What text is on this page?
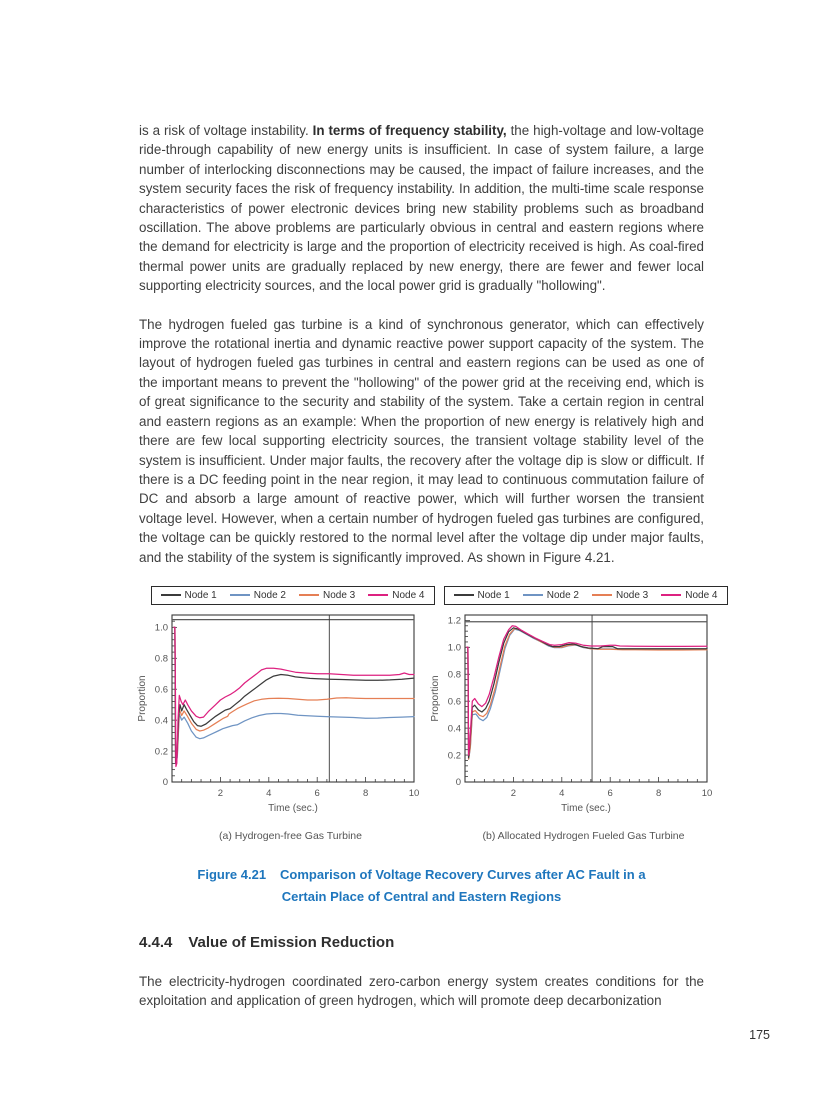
is a risk of voltage instability. In terms of frequency stability, the high-voltage and low-voltage ride-through capability of new energy units is insufficient. In case of system failure, a large number of interlocking disconnections may be caused, the impact of failure increases, and the system security faces the risk of frequency instability. In addition, the multi-time scale response characteristics of power electronic devices bring new stability problems such as broadband oscillation. The above problems are particularly obvious in central and eastern regions where the demand for electricity is large and the proportion of electricity received is high. As coal-fired thermal power units are gradually replaced by new energy, there are fewer and fewer local supporting electricity sources, and the local power grid is gradually "hollowing".

The hydrogen fueled gas turbine is a kind of synchronous generator, which can effectively improve the rotational inertia and dynamic reactive power support capacity of the system. The layout of hydrogen fueled gas turbines in central and eastern regions can be used as one of the important means to prevent the "hollowing" of the power grid at the receiving end, which is of great significance to the security and stability of the system. Take a certain region in central and eastern regions as an example: When the proportion of new energy is relatively high and there are few local supporting electricity sources, the transient voltage stability level of the system is insufficient. Under major faults, the recovery after the voltage dip is slow or difficult. If there is a DC feeding point in the near region, it may lead to continuous commutation failure of DC and absorb a large amount of reactive power, which will further worsen the transient voltage level. However, when a certain number of hydrogen fueled gas turbines are configured, the voltage can be quickly restored to the normal level after the voltage dip under major faults, and the stability of the system is significantly improved. As shown in Figure 4.21.

Node 1	Node 2	Node 3	Node 4
2	4	6	8	10
0
0.2
0.4
0.6
0.8
1.0
Time (sec.)
Proportion
(a) Hydrogen-free Gas Turbine
Node 1	Node 2	Node 3	Node 4
2	4	6	8	10
0
0.2
0.4
0.6
0.8
1.0
1.2
Time (sec.)
Proportion
(b) Allocated Hydrogen Fueled Gas Turbine
Figure 4.21 Comparison of Voltage Recovery Curves after AC Fault in a
Certain Place of Central and Eastern Regions
4.4.4 Value of Emission Reduction

The electricity-hydrogen coordinated zero-carbon energy system creates conditions for the exploitation and application of green hydrogen, which will promote deep decarbonization

175
